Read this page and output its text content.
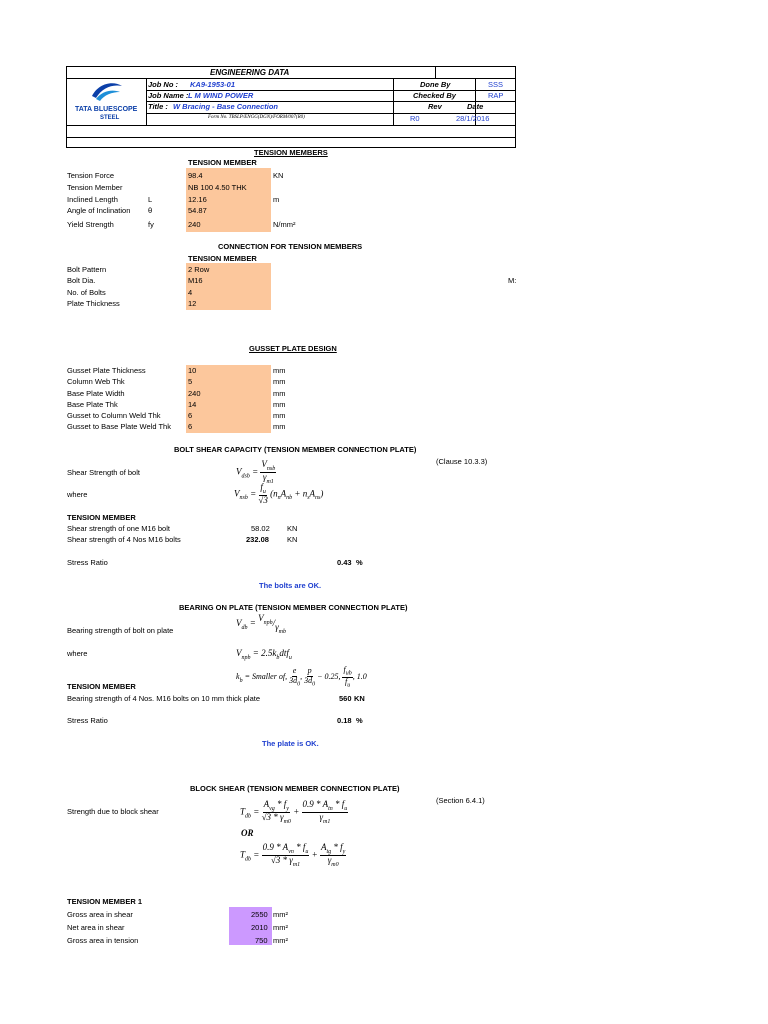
ENGINEERING DATA
TATA BLUESCOPE
STEEL
Job No : KA9-1953-01
Job Name : L M WIND POWER
Title : W Bracing - Base Connection
Form No. TBSLP/ENGG(DGN)/FORM/007(R0)
Done By	SSS
Checked By	RAP
Rev	Date
R0	28/1/2016
TENSION MEMBERS
TENSION MEMBER
Tension Force	98.4	KN
Tension Member	NB 100 4.50 THK
Inclined Length	L	12.16	m
Angle of Inclination θ	54.87
Yield Strength	fy	240	N/mm²
CONNECTION FOR TENSION MEMBERS
TENSION MEMBER
Bolt Pattern	2 Row
Bolt Dia.	M16
No. of Bolts	4
Plate Thickness	12
M:
GUSSET PLATE DESIGN
Gusset Plate Thickness	10	mm
Column Web Thk	5	mm
Base Plate Width	240	mm
Base Plate Thk	14	mm
Gusset to Column Weld Thk	6	mm
Gusset to Base Plate Weld Thk 6	mm
BOLT SHEAR CAPACITY (TENSION MEMBER CONNECTION PLATE)
(Clause 10.3.3)
Shear Strength of bolt	$V_{dsb} = \frac{V_{nsb}}{\gamma_{m1}}$
where	$V_{nsb} = \frac{f_u}{√3} (n_nA_{nb} + n_sA_{ns})$
TENSION MEMBER
Shear strength of one M16 bolt	58.02 KN
Shear strength of 4 Nos M16 bolts	232.08 KN
Stress Ratio	0.43 %
The bolts are OK.
BEARING ON PLATE (TENSION MEMBER CONNECTION PLATE)
Bearing strength of bolt on plate
$V_{db} = V_{npb}/\gamma_{mb}$
where	$V_{npb} = 2.5k_bdtf_u$
$k_b$ = Smaller of, $\frac{e}{3d_0}$ , $\frac{p}{3d_0} - 0.25$, $\frac{f_{ub}}{f_u}$ , 1.0
TENSION MEMBER
Bearing strength of 4 Nos. M16 bolts on 10 mm thick plate	560 KN
Stress Ratio	0.18 %
The plate is OK.
BLOCK SHEAR (TENSION MEMBER CONNECTION PLATE)
(Section 6.4.1)
Strength due to block shear	$T_{db} = \frac{A_{vg} * f_y}{√3 * \gamma_{m0}} + \frac{0.9 * A_{tn} * f_u}{\gamma_{m1}}$
OR
$T_{db} = \frac{0.9 * A_{vn} * f_u}{√3 * \gamma_{m1}} + \frac{A_{tg} * f_y}{\gamma_{m0}}$
TENSION MEMBER 1
Gross area in shear	2550 mm²
Net area in shear	2010 mm²
Gross area in tension	750 mm²
